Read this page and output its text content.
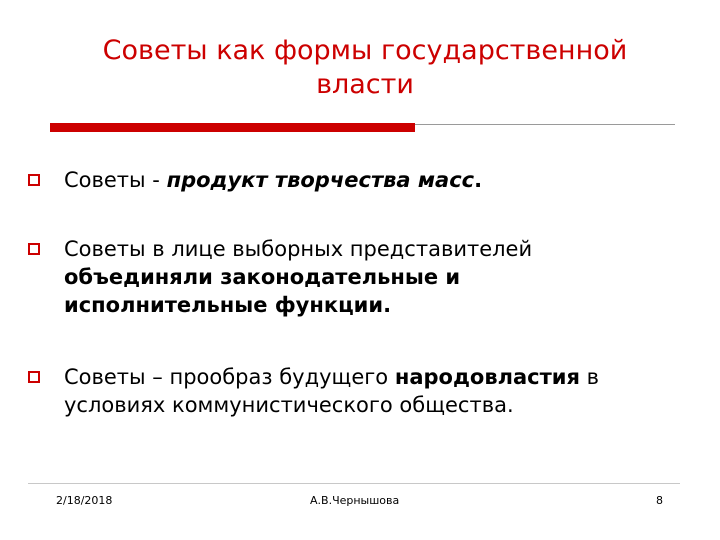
Советы как формы государственной
власти
Советы - продукт творчества масс.
Советы в лице выборных представителей
объединяли законодательные и
исполнительные функции.
Советы – прообраз будущего народовластия в
условиях коммунистического общества.
2/18/2018	А.В.Чернышова	8
